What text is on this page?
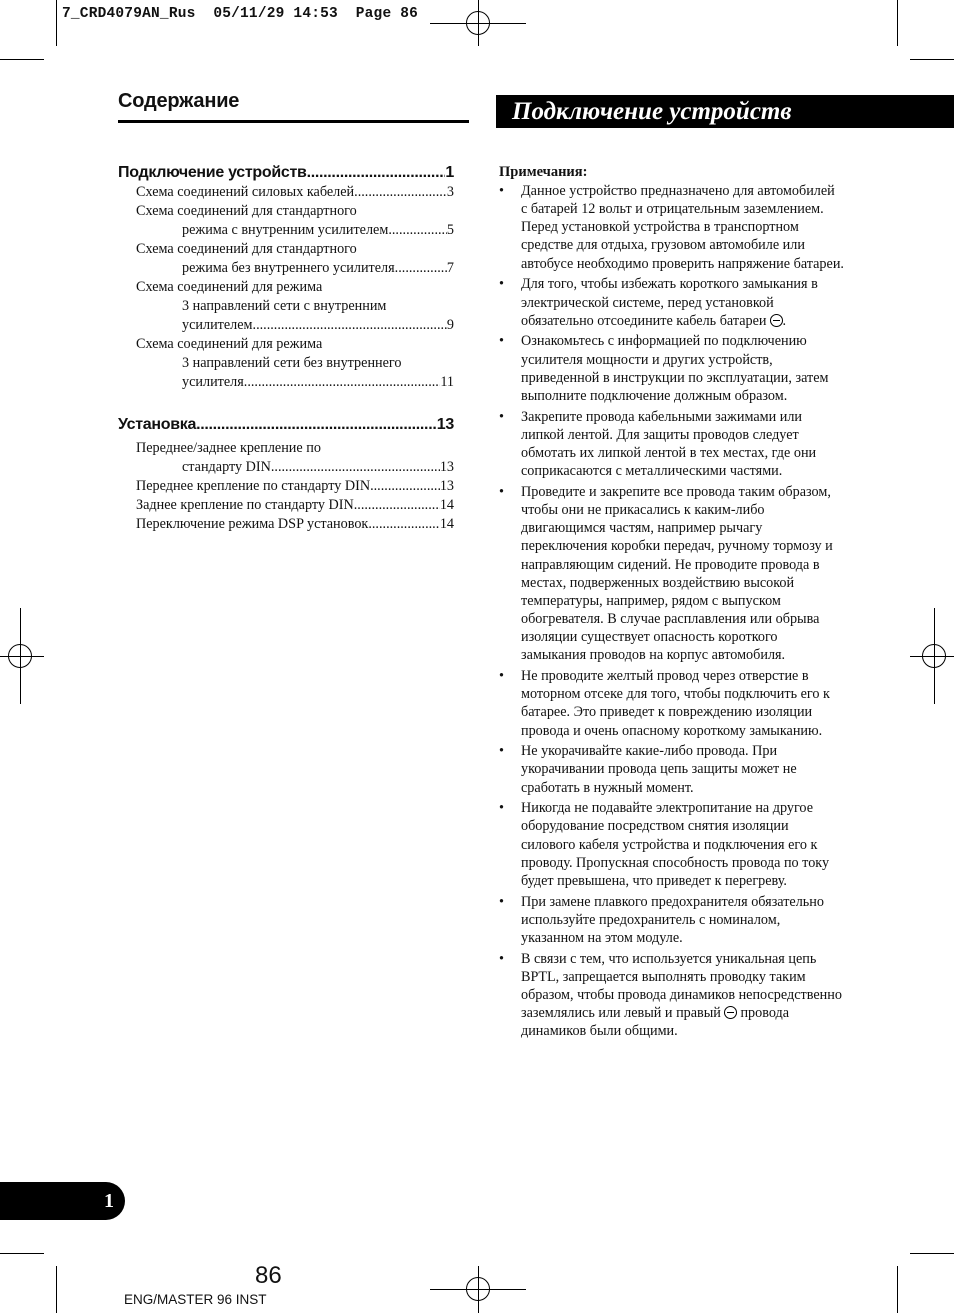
7_CRD4079AN_Rus  05/11/29 14:53  Page 86
Содержание
Подключение устройств .....	1
Схема соединений силовых кабелей .....	3
Схема соединений для стандартного
режима с внутренним усилителем .....	5
Схема соединений для стандартного
режима без внутреннего усилителя .....	7
Схема соединений для режима
3 направлений сети с внутренним
усилителем .....	9
Схема соединений для режима
3 направлений сети без внутреннего
усилителя .....	11
Установка .....	13
Переднее/заднее крепление по
стандарту DIN .....	13
Переднее крепление по стандарту DIN .....	13
Заднее крепление по стандарту DIN .....	14
Переключение режима DSP установок .....	14
Подключение устройств
Примечания:
• Данное устройство предназначено для автомобилей с батарей 12 вольт и отрицательным заземлением. Перед установкой устройства в транспортном средстве для отдыха, грузовом автомобиле или автобусе необходимо проверить напряжение батареи.
• Для того, чтобы избежать короткого замыкания в электрической системе, перед установкой обязательно отсоедините кабель батареи .
• Ознакомьтесь с информацией по подключению усилителя мощности и других устройств, приведенной в инструкции по эксплуатации, затем выполните подключение должным образом.
• Закрепите провода кабельными зажимами или липкой лентой. Для защиты проводов следует обмотать их липкой лентой в тех местах, где они соприкасаются с металлическими частями.
• Проведите и закрепите все провода таким образом, чтобы они не прикасались к каким-либо двигающимся частям, например рычагу переключения коробки передач, ручному тормозу и направляющим сидений. Не проводите провода в местах, подверженных воздействию высокой температуры, например, рядом с выпуском обогревателя. В случае расплавления или обрыва изоляции существует опасность короткого замыкания проводов на корпус автомобиля.
• Не проводите желтый провод через отверстие в моторном отсеке для того, чтобы подключить его к батарее. Это приведет к повреждению изоляции провода и очень опасному короткому замыканию.
• Не укорачивайте какие-либо провода. При укорачивании провода цепь защиты может не сработать в нужный момент.
• Никогда не подавайте электропитание на другое оборудование посредством снятия изоляции силового кабеля устройства и подключения его к проводу. Пропускная способность провода по току будет превышена, что приведет к перегреву.
• При замене плавкого предохранителя обязательно используйте предохранитель с номиналом, указанном на этом модуле.
• В связи с тем, что используется уникальная цепь BPTL, запрещается выполнять проводку таким образом, чтобы провода динамиков непосредственно заземлялись или левый и правый провода динамиков были общими.
1
86
ENG/MASTER 96 INST
